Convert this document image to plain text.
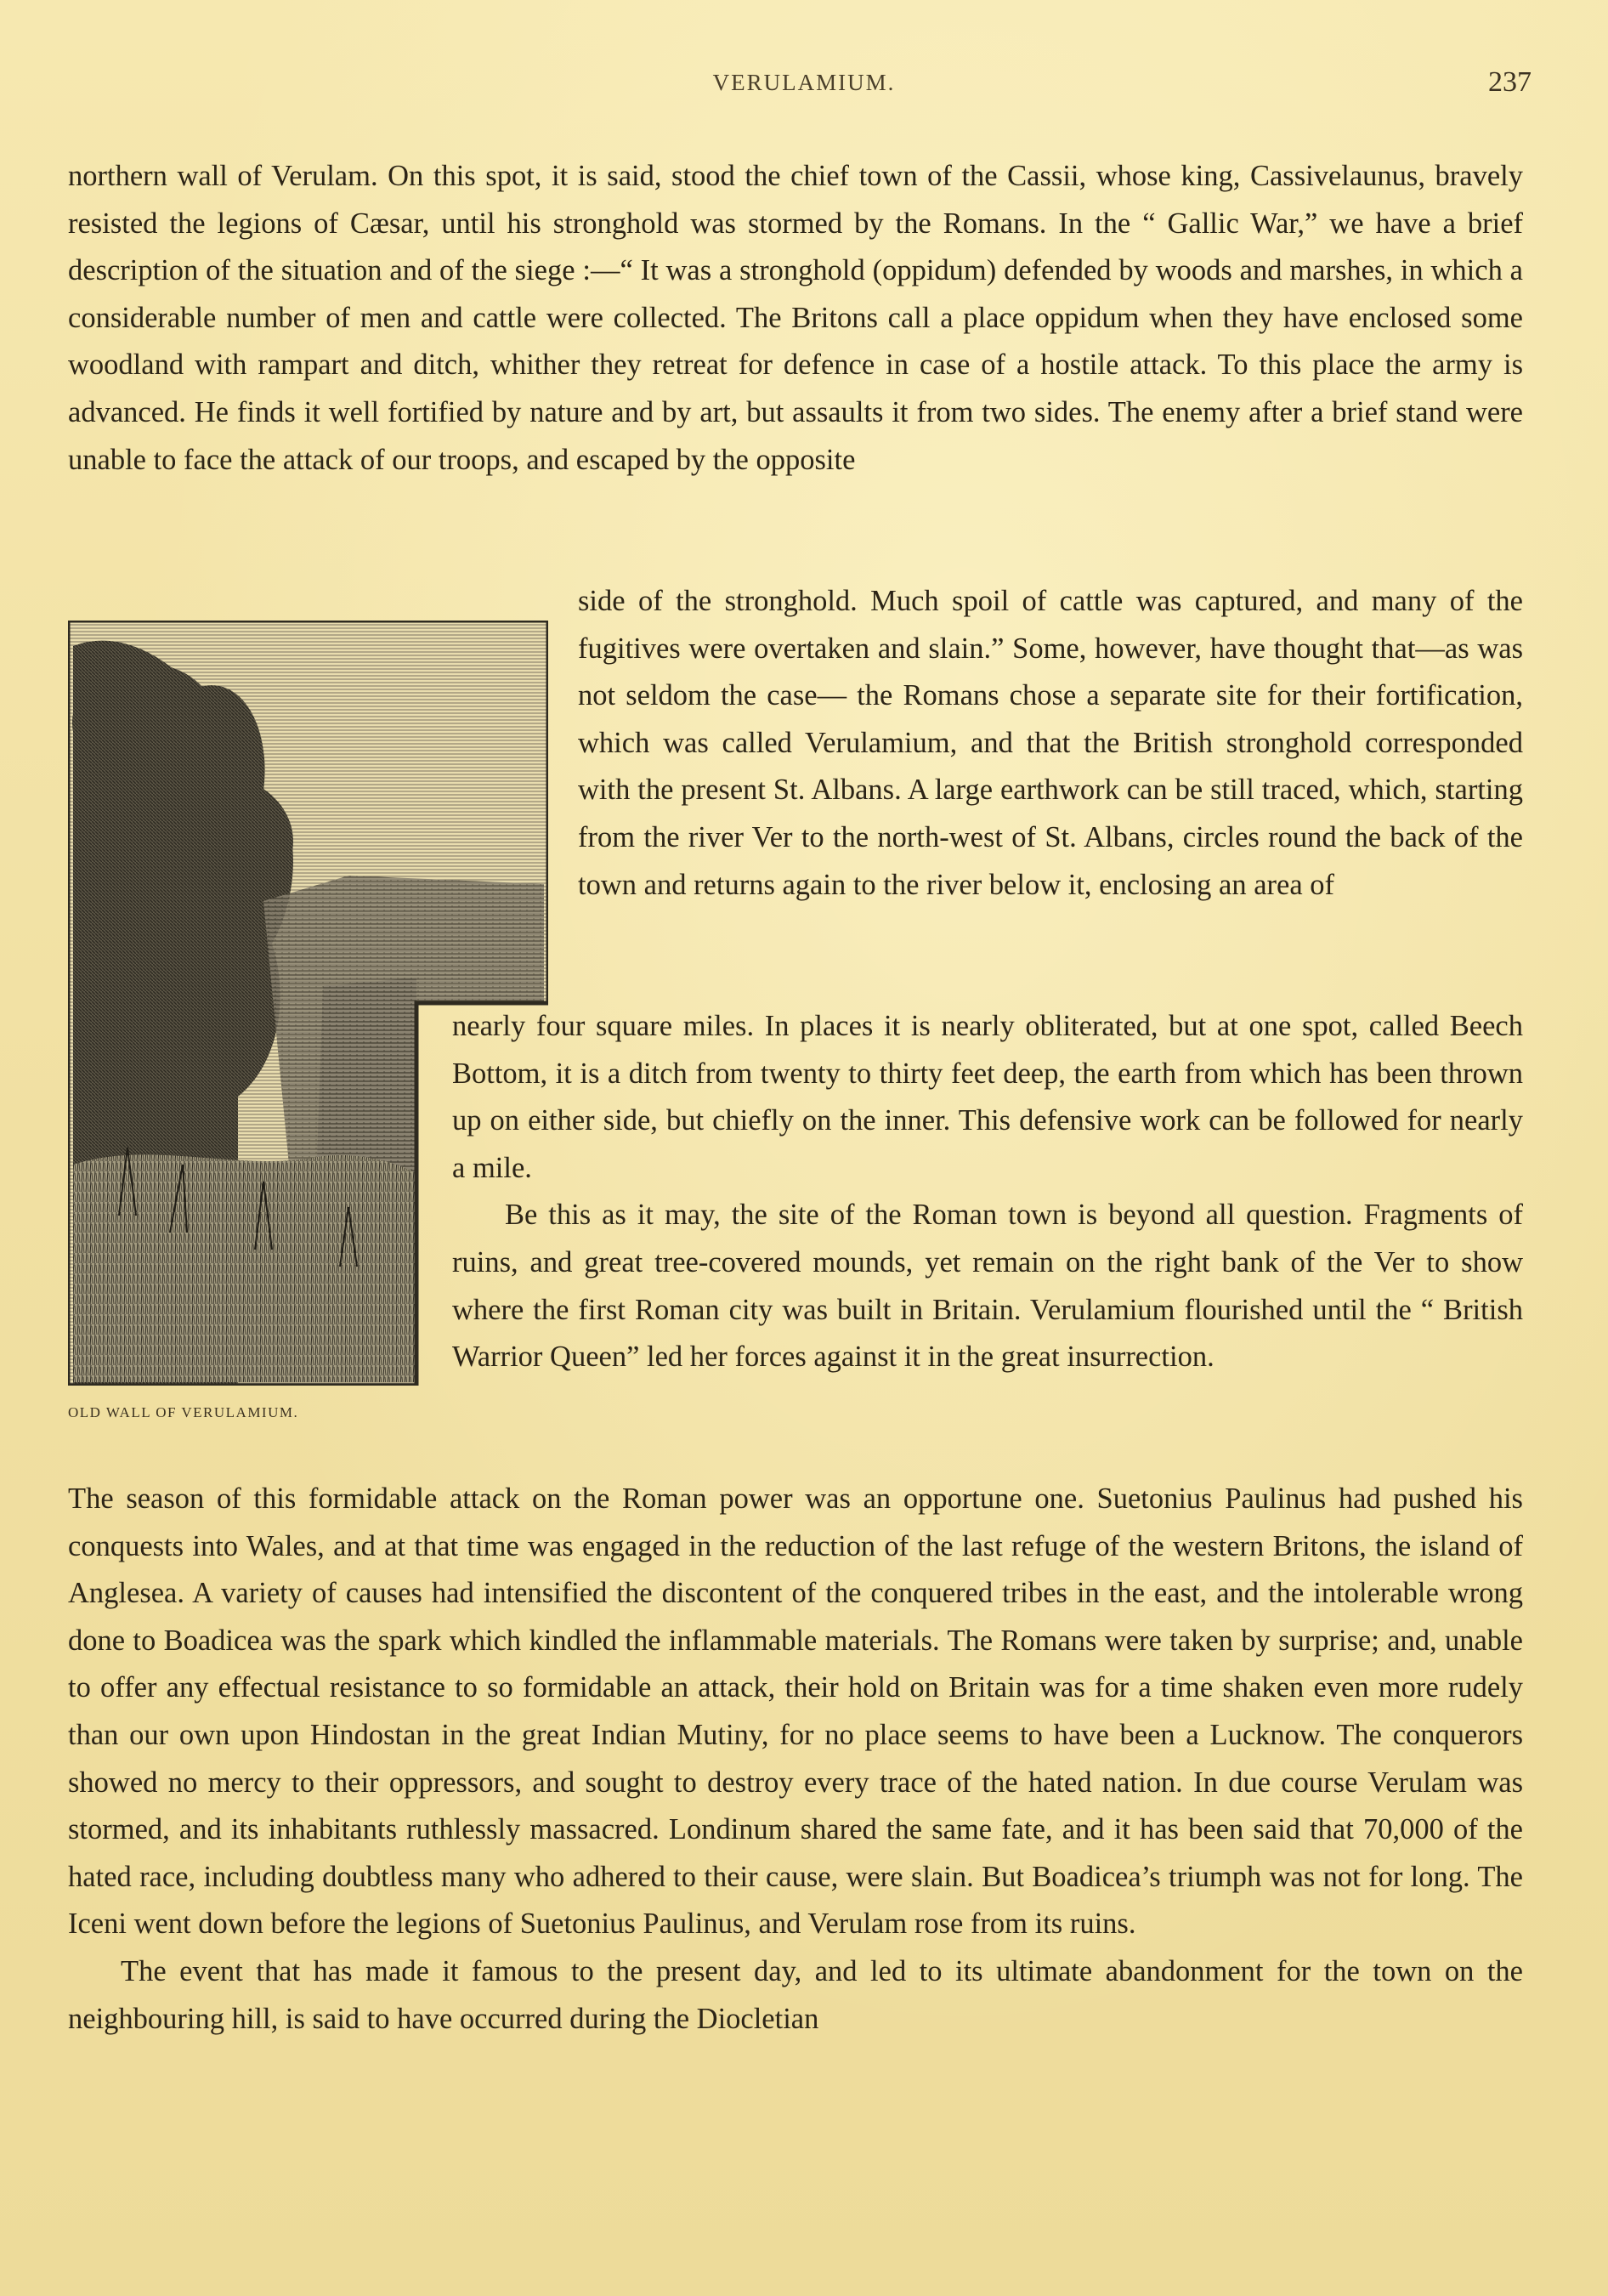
VERULAMIUM.	237

northern wall of Verulam. On this spot, it is said, stood the chief town of the Cassii, whose king, Cassivelaunus, bravely resisted the legions of Cæsar, until his stronghold was stormed by the Romans. In the “ Gallic War,” we have a brief description of the situation and of the siege :—“ It was a stronghold (oppidum) defended by woods and marshes, in which a considerable number of men and cattle were collected. The Britons call a place oppidum when they have enclosed some woodland with rampart and ditch, whither they retreat for defence in case of a hostile attack. To this place the army is advanced. He finds it well fortified by nature and by art, but assaults it from two sides. The enemy after a brief stand were unable to face the attack of our troops, and escaped by the opposite

side of the stronghold. Much spoil of cattle was captured, and many of the fugitives were overtaken and slain.” Some, however, have thought that—as was not seldom the case— the Romans chose a separate site for their fortification, which was called Verulamium, and that the British stronghold corresponded with the present St. Albans. A large earthwork can be still traced, which, starting from the river Ver to the north-west of St. Albans, circles round the back of the town and returns again to the river below it, enclosing an area of

OLD WALL OF VERULAMIUM.

nearly four square miles. In places it is nearly obliterated, but at one spot, called Beech Bottom, it is a ditch from twenty to thirty feet deep, the earth from which has been thrown up on either side, but chiefly on the inner. This defensive work can be followed for nearly a mile.

Be this as it may, the site of the Roman town is beyond all question. Fragments of ruins, and great tree-covered mounds, yet remain on the right bank of the Ver to show where the first Roman city was built in Britain. Verulamium flourished until the “ British Warrior Queen” led her forces against it in the great insurrection.

The season of this formidable attack on the Roman power was an opportune one. Suetonius Paulinus had pushed his conquests into Wales, and at that time was engaged in the reduction of the last refuge of the western Britons, the island of Anglesea. A variety of causes had intensified the discontent of the conquered tribes in the east, and the intolerable wrong done to Boadicea was the spark which kindled the inflammable materials. The Romans were taken by surprise; and, unable to offer any effectual resistance to so formidable an attack, their hold on Britain was for a time shaken even more rudely than our own upon Hindostan in the great Indian Mutiny, for no place seems to have been a Lucknow. The conquerors showed no mercy to their oppressors, and sought to destroy every trace of the hated nation. In due course Verulam was stormed, and its inhabitants ruthlessly massacred. Londinum shared the same fate, and it has been said that 70,000 of the hated race, including doubtless many who adhered to their cause, were slain. But Boadicea’s triumph was not for long. The Iceni went down before the legions of Suetonius Paulinus, and Verulam rose from its ruins.

The event that has made it famous to the present day, and led to its ultimate abandonment for the town on the neighbouring hill, is said to have occurred during the Diocletian
